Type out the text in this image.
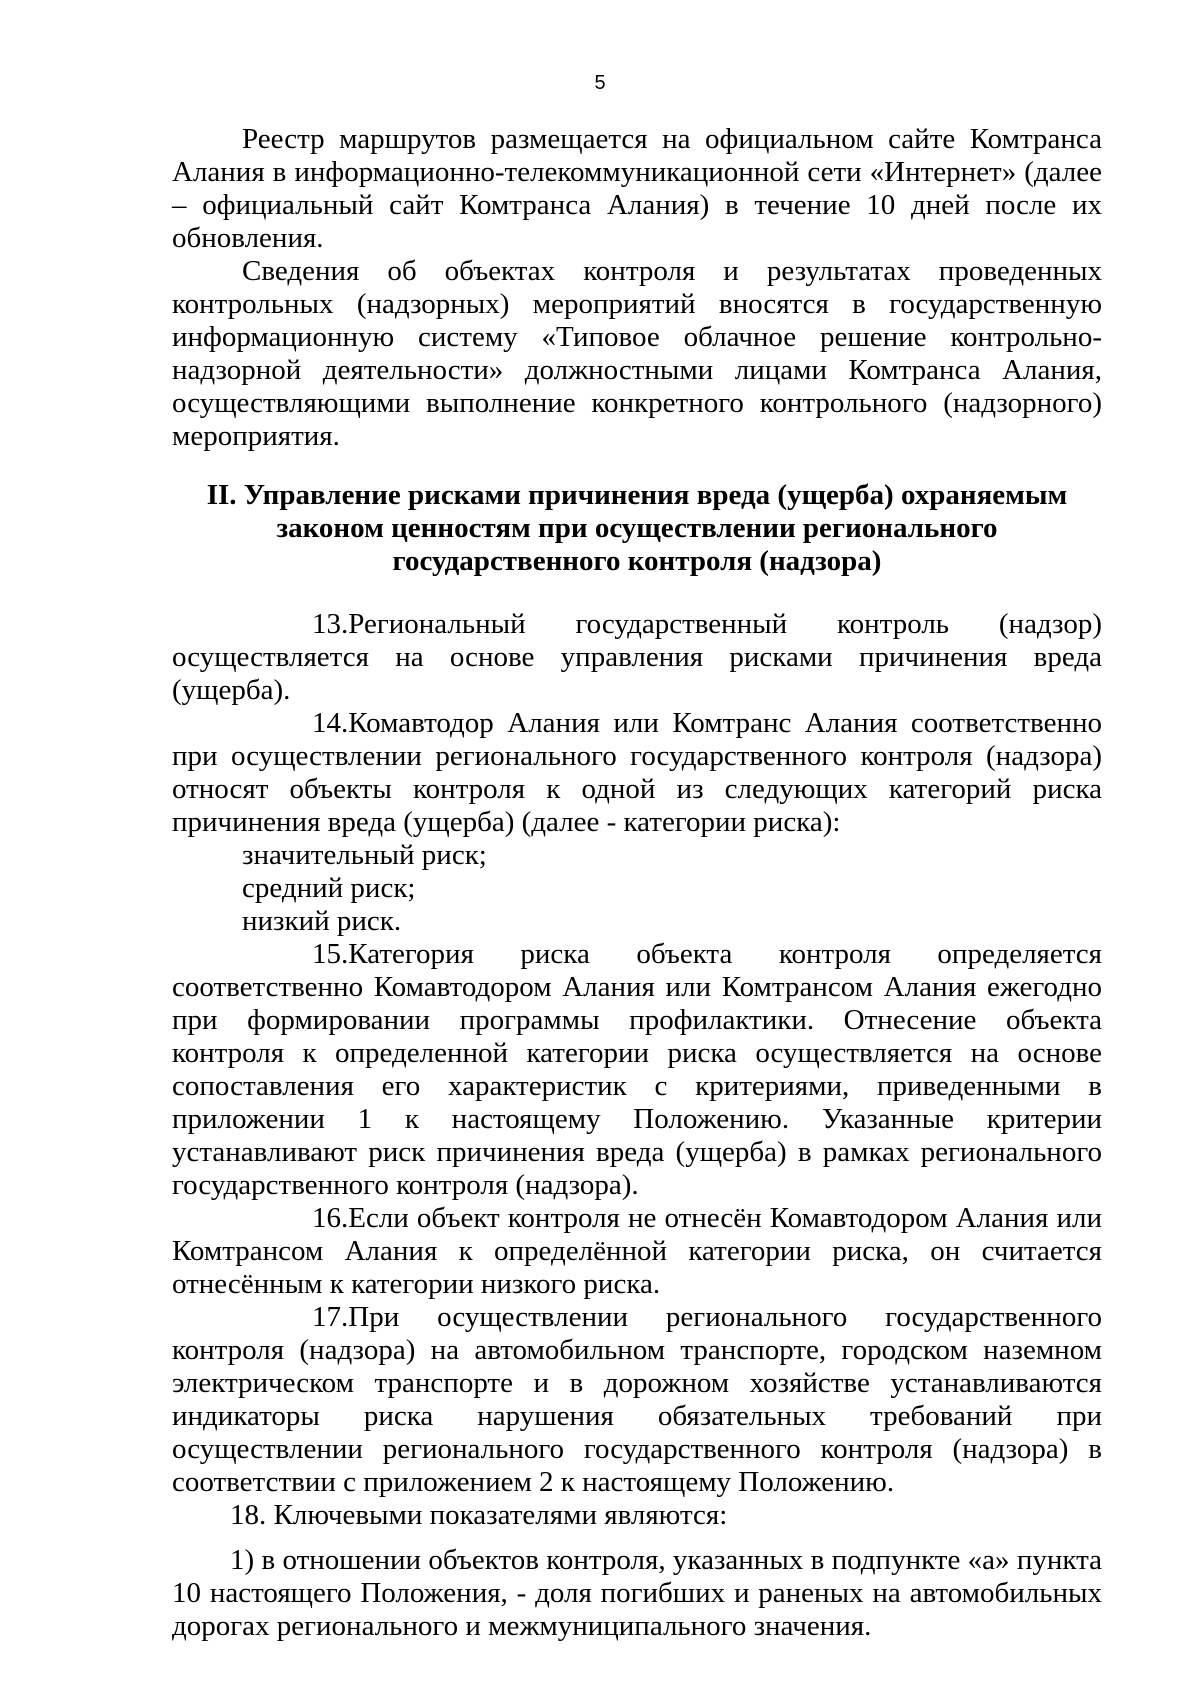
5

Реестр маршрутов размещается на официальном сайте Комтранса Алания в информационно-телекоммуникационной сети «Интернет» (далее – официальный сайт Комтранса Алания) в течение 10 дней после их обновления.

Сведения об объектах контроля и результатах проведенных контрольных (надзорных) мероприятий вносятся в государственную информационную систему «Типовое облачное решение контрольно-надзорной деятельности» должностными лицами Комтранса Алания, осуществляющими выполнение конкретного контрольного (надзорного) мероприятия.

II. Управление рисками причинения вреда (ущерба) охраняемым
законом ценностям при осуществлении регионального
государственного контроля (надзора)

13.Региональный государственный контроль (надзор) осуществляется на основе управления рисками причинения вреда (ущерба).

14.Комавтодор Алания или Комтранс Алания соответственно при осуществлении регионального государственного контроля (надзора) относят объекты контроля к одной из следующих категорий риска причинения вреда (ущерба) (далее - категории риска):

значительный риск;

средний риск;

низкий риск.

15.Категория риска объекта контроля определяется соответственно Комавтодором Алания или Комтрансом Алания ежегодно при формировании программы профилактики. Отнесение объекта контроля к определенной категории риска осуществляется на основе сопоставления его характеристик с критериями, приведенными в приложении 1 к настоящему Положению. Указанные критерии устанавливают риск причинения вреда (ущерба) в рамках регионального государственного контроля (надзора).

16.Если объект контроля не отнесён Комавтодором Алания или Комтрансом Алания к определённой категории риска, он считается отнесённым к категории низкого риска.

17.При осуществлении регионального государственного контроля (надзора) на автомобильном транспорте, городском наземном электрическом транспорте и в дорожном хозяйстве устанавливаются индикаторы риска нарушения обязательных требований при осуществлении регионального государственного контроля (надзора) в соответствии с приложением 2 к настоящему Положению.

18. Ключевыми показателями являются:

1) в отношении объектов контроля, указанных в подпункте «а» пункта 10 настоящего Положения, - доля погибших и раненых на автомобильных дорогах регионального и межмуниципального значения.
